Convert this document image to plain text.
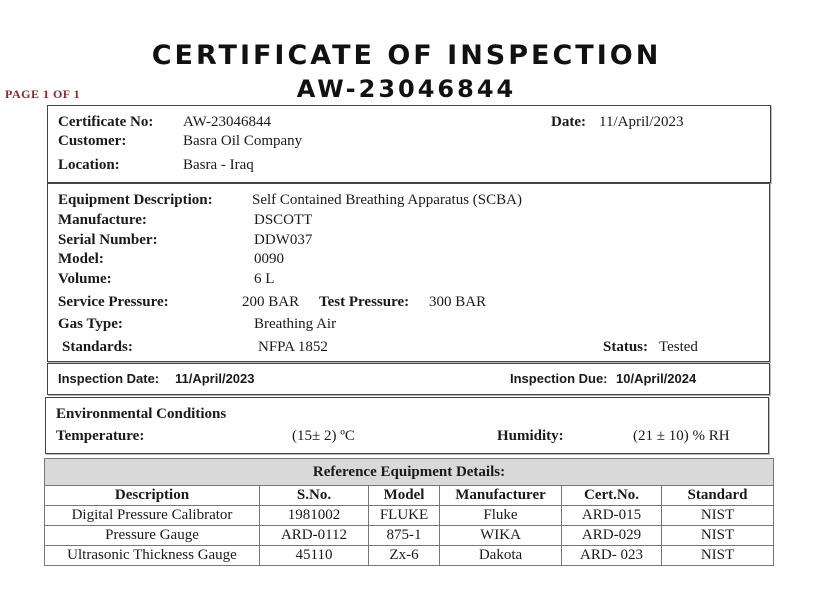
CERTIFICATE OF INSPECTION
AW-23046844
PAGE 1 OF 1
Certificate No: AW-23046844	Date: 11/April/2023
Customer:	Basra Oil Company
Location:	Basra - Iraq
Equipment Description:	Self Contained Breathing Apparatus (SCBA)
Manufacture:	DSCOTT
Serial Number:	DDW037
Model:	0090
Volume:	6 L
Service Pressure:	200 BAR Test Pressure: 300 BAR
Gas Type:	Breathing Air
Standards:	NFPA 1852	Status: Tested
Inspection Date: 11/April/2023	Inspection Due: 10/April/2024
Environmental Conditions
Temperature:	(15± 2) ºC	Humidity:	(21 ± 10) % RH
Reference Equipment Details:					
Description	S.No.	Model	Manufacturer	Cert.No.	Standard
Digital Pressure Calibrator	1981002	FLUKE	Fluke	ARD-015	NIST
Pressure Gauge	ARD-0112	875-1	WIKA	ARD-029	NIST
Ultrasonic Thickness Gauge	45110	Zx-6	Dakota	ARD- 023	NIST
